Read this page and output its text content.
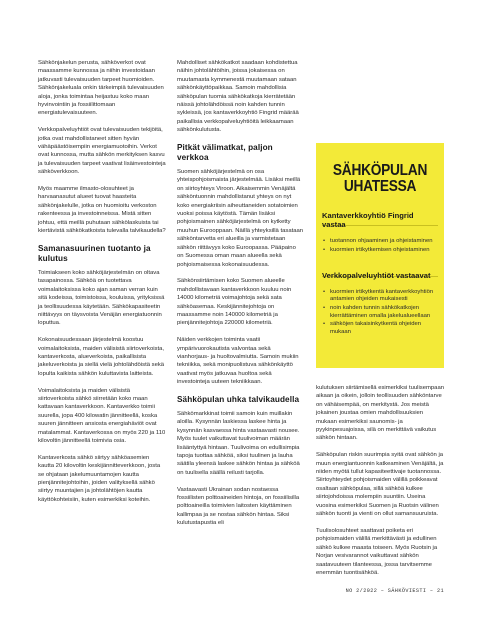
Sähkönjakelun perusta, sähköverkot ovat maassamme kunnossa ja niihin investoidaan jatkuvasti tulevaisuuden tarpeet huomioiden. Sähkönjakeluala onkin tärkeimpiä tulevaisuuden aloja, jonka toimintaa heijastuu koko maan hyvinvointiin ja fossiilittomaan energiatulevaisuuteen.

Verkkopalveluyhtiöt ovat tulevaisuuden tekijöitä, jotka ovat mahdollistaneet sitten hyvän vähäpäästöisempiin energiamuotoihin. Verkot ovat kunnossa, mutta sähkön merkityksen kasvu ja tulevaisuuden tarpeet vaativat lisäinvestointeja sähköverkkoon.

Myös maamme ilmasto-olosuhteet ja harvaanasutut alueet tuovat haasteita sähkönjakelulle, jotka on huomioitu verkoston rakenteessa ja investoinneissa. Mistä sitten johtuu, että meillä puhutaan sähkölaskuista tai kiertävistä sähkökatkoista tulevalla talvikaudella?

Samanasuurinen tuotanto ja kulutus

Toimiakseen koko sähköjärjestelmän on oltava tasapainossa. Sähköä on tuotettava voimalaitoksissa koko ajan saman verran kuin sitä kodeissa, toimistoissa, kouluissa, yrityksissä ja teollisuudessa käytetään. Sähkökapasiteetin niittävyys on täysvoista Venäjän energiatuonnin loputtua.

Kokonaisuudessaan järjestelmä koostuu voimalaitoksista, maiden välisistä siirtoverkoista, kantaverkosta, alueverkoista, paikallisista jakeluverkoista ja siellä vielä johtolähdöistä sekä lopulta kaikista sähkön kuluttavista laitteista.

Voimalaitoksista ja maiden välisistä siirtoverkoista sähkö siirretään koko maan kattavaan kantaverkkoon. Kantaverkko toimii suurella, jopa 400 kilowatin jännitteellä, koska suuren jännitteen ansiosta energiahäviöt ovat matalammat. Kantaverkossa on myös 220 ja 110 kilovoltin jännitteellä toimivia osia.

Kantaverkosta sähkö siirtyy sähköasemien kautta 20 kilovoltin keskijännitteverkkoon, josta se ohjataan jakelumuuntamojen kautta pienjännitejohtoihin, joiden valityksellä sähkö siirtyy muuntajien ja johtolähtöjen kautta käyttökohteisiin, kuten esimerkiksi koteihin.

Mahdolliset sähkökatkot saadaan kohdistettua näihin johtolähtöihin, joissa jokaisessa on muutamasta kymmenestä muutamaan sataan sähkönkäyttöpaikkaa. Samoin mahdollisia sähköpulan tuomia sähkökatkoja kierrätetään näissä johtolähdöissä noin kahden tunnin sykleissä, jos kantaverkkoyhtiö Fingrid määrää paikallisia verkkopalveluyhtiöitä leikkaamaan sähkönkulutusta.

Pitkät välimatkat, paljon verkkoa

Suomen sähköjärjestelmä on osa yhteispohjoismaista järjestelmää. Lisäksi meillä on siirtoyhteys Viroon. Aikaisemmin Venäjältä sähköntuonnin mahdollistanut yhteys on nyt koko energiakriisin aiheuttaneiden sotatoimien vuoksi poissa käytöstä. Tämän lisäksi pohjoismainen sähköjärjestelmä on kytketty muuhun Eurooppaan. Näillä yhteyksillä tasataan sähköntarvetta eri alueilla ja varmistetaan sähkön riittävyys koko Euroopassa. Pääpaino on Suomessa oman maan alueella sekä pohjoismaisessa kokonaisuudessa.

Sähkönsiirtämisen koko Suomen alueelle mahdollistavaan kantaverkkoon kuuluu noin 14000 kilometriä voimajohtoja sekä sata sähköasemaa. Keskijännitejohtoja on maassamme noin 140000 kilometriä ja pienjännitejohtoja 220000 kilometriä.

Näiden verkkojen toiminta vaatii ympärivuorokautista valvontaa sekä vianhorjaus- ja huoltovalmiutta. Samoin mukiin tekniikka, sekä monipuolistuva sähkönkäyttö vaativat myös jatkuvaa huoltoa sekä investointeja uuteen tekniikkaan.

Sähköpulan uhka talvikaudella

Sähkömarkkinat toimii samoin kuin muillakin aloilla. Kysynnän laskiessa laskee hinta ja kysynnän kasvaessa hinta vastaavasti nousee. Myös tuulet vaikuttavat tuulivoiman määrän lisääntyttyä hintaan. Tuulivoima on edullisimpia tapoja tuottaa sähköä, siksi tuulinen ja lauha säätila yleensä laskee sähkön hintaa ja sähköä on tuulisella säällä reilusti tarjolla.

Vastaavasti Ukrainan sodan nostaessa fossiilisten polttoaineiden hintoja, on fossiilisilla polttoaineilla toimivien laitosten käyttäminen kallimpaa ja se nostaa sähkön hintaa. Siksi kulutustapustia eli

SÄHKÖPULAN
UHATESSA
Kantaverkkoyhtiö Fingrid vastaa
• tuotannon ohjaaminen ja ohjeistaminen
• kuormien irtikytkemisen ohjeistaminen
Verkkopalveluyhtiöt vastaavat
• kuormien irtikytkentä kantaverkkoyhtiön antamien ohjeiden mukaisesti
• noin kahden tunnin sähkökatkojen kierrättäminen omalla jakelualueellaan
• sähköjen takaisinkytkentä ohjeiden mukaan

kulutuksen siirtämisellä esimerkiksi tuulisempaan aikaan ja oikein, jolloin teollisuuden sähköntarve on vähäisempää, on merkitystä. Jos meistä jokainen joustaa omien mahdollisuuksien mukaan esimerkiksi saunomis- ja pyykinpesuajoissa, silä on merkittävä vaikutus sähkön hintaan.

Sähköpulan riskin suurimpia syitä ovat sähkön ja muun energiantuonnin katkeaminen Venäjältä, ja niiden myötä tullut kapasiteettivaje tuotannossa. Siirtoyhteydet pohjoismaiden välillä poikkeavat osaltaan sähköpulaa, sillä sähköä kulkee siirtojohdoissa molempiin suuntiin. Useina vuosina esimerkiksi Suomen ja Ruotsin välinen sähkön tuonti ja vienti on ollut samansuuruista.

Tuulisolosuhteet saattavat poiketa eri pohjoismaiden välillä merkittävästi ja edullinen sähkö kulkee maasta toiseen. Myös Ruotsin ja Norjan vesivarannot vaikuttavat sähkön saatavuuteen tilanteessa, jossa tarvitsemme enemmän tuontisähköä.

NO 2/2022 – SÄHKÖVIESTI – 21
